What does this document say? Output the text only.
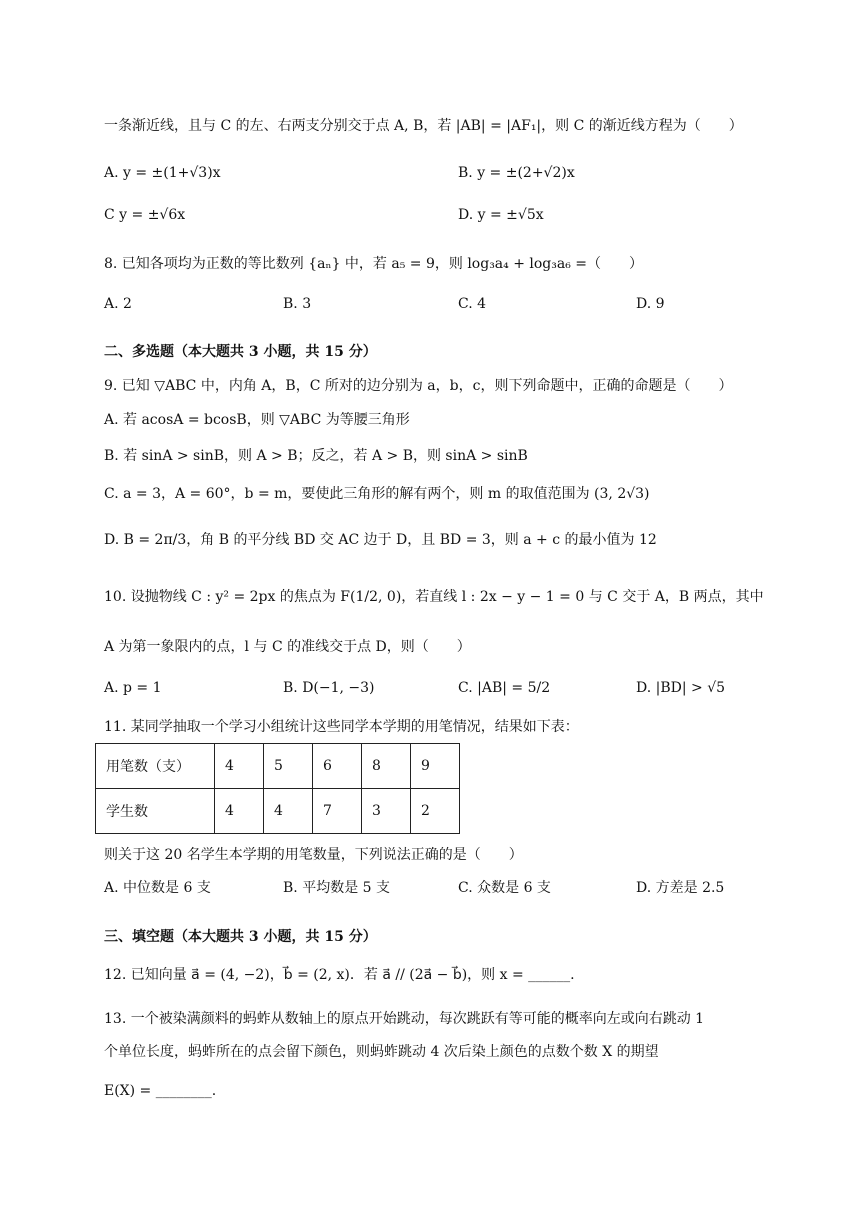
一条渐近线，且与 C 的左、右两支分别交于点 A, B，若 |AB| = |AF₁|，则 C 的渐近线方程为（　　）
A. y = ±(1+√3)x	B. y = ±(2+√2)x
C y = ±√6x	D. y = ±√5x
8. 已知各项均为正数的等比数列 {aₙ} 中，若 a₅ = 9，则 log₃a₄ + log₃a₆ =（　　）
A. 2	B. 3	C. 4	D. 9
二、多选题（本大题共 3 小题，共 15 分）
9. 已知 ▽ABC 中，内角 A，B，C 所对的边分别为 a，b，c，则下列命题中，正确的命题是（　　）
A. 若 acosA = bcosB，则 ▽ABC 为等腰三角形
B. 若 sinA > sinB，则 A > B；反之，若 A > B，则 sinA > sinB
C. a = 3，A = 60°，b = m，要使此三角形的解有两个，则 m 的取值范围为 (3, 2√3)
D. B = 2π/3，角 B 的平分线 BD 交 AC 边于 D，且 BD = 3，则 a + c 的最小值为 12
10. 设抛物线 C : y² = 2px 的焦点为 F(1/2, 0)，若直线 l : 2x − y − 1 = 0 与 C 交于 A，B 两点，其中
A 为第一象限内的点，l 与 C 的准线交于点 D，则（　　）
A. p = 1	B. D(−1, −3)	C. |AB| = 5/2	D. |BD| > √5
11. 某同学抽取一个学习小组统计这些同学本学期的用笔情况，结果如下表：
用笔数（支）	4	5	6	8	9
学生数	4	4	7	3	2
则关于这 20 名学生本学期的用笔数量，下列说法正确的是（　　）
A. 中位数是 6 支	B. 平均数是 5 支	C. 众数是 6 支	D. 方差是 2.5
三、填空题（本大题共 3 小题，共 15 分）
12. 已知向量 a⃗ = (4, −2)，b⃗ = (2, x)．若 a⃗ // (2a⃗ − b⃗)，则 x = ______.
13. 一个被染满颜料的蚂蚱从数轴上的原点开始跳动，每次跳跃有等可能的概率向左或向右跳动 1
个单位长度，蚂蚱所在的点会留下颜色，则蚂蚱跳动 4 次后染上颜色的点数个数 X 的期望
E(X) = ________.
